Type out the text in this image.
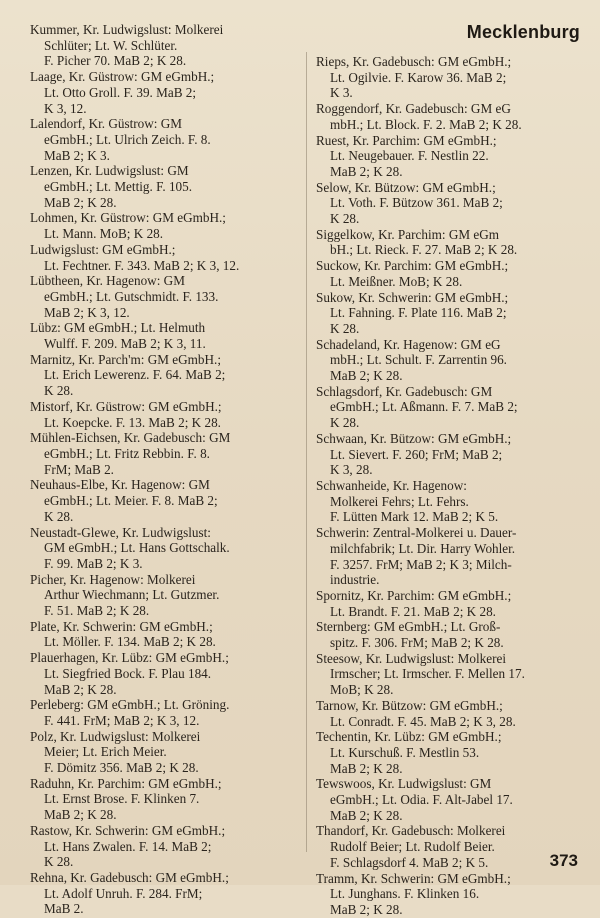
Mecklenburg
Kummer, Kr. Ludwigslust: Molkerei
Schlüter; Lt. W. Schlüter.
F. Picher 70. MaB 2; K 28.
Laage, Kr. Güstrow: GM eGmbH.;
Lt. Otto Groll. F. 39. MaB 2;
K 3, 12.
Lalendorf, Kr. Güstrow: GM
eGmbH.; Lt. Ulrich Zeich. F. 8.
MaB 2; K 3.
Lenzen, Kr. Ludwigslust: GM
eGmbH.; Lt. Mettig. F. 105.
MaB 2; K 28.
Lohmen, Kr. Güstrow: GM eGmbH.;
Lt. Mann. MoB; K 28.
Ludwigslust: GM eGmbH.;
Lt. Fechtner. F. 343. MaB 2; K 3, 12.
Lübtheen, Kr. Hagenow: GM
eGmbH.; Lt. Gutschmidt. F. 133.
MaB 2; K 3, 12.
Lübz: GM eGmbH.; Lt. Helmuth
Wulff. F. 209. MaB 2; K 3, 11.
Marnitz, Kr. Parch'm: GM eGmbH.;
Lt. Erich Lewerenz. F. 64. MaB 2;
K 28.
Mistorf, Kr. Güstrow: GM eGmbH.;
Lt. Koepcke. F. 13. MaB 2; K 28.
Mühlen-Eichsen, Kr. Gadebusch: GM
eGmbH.; Lt. Fritz Rebbin. F. 8.
FrM; MaB 2.
Neuhaus-Elbe, Kr. Hagenow: GM
eGmbH.; Lt. Meier. F. 8. MaB 2;
K 28.
Neustadt-Glewe, Kr. Ludwigslust:
GM eGmbH.; Lt. Hans Gottschalk.
F. 99. MaB 2; K 3.
Picher, Kr. Hagenow: Molkerei
Arthur Wiechmann; Lt. Gutzmer.
F. 51. MaB 2; K 28.
Plate, Kr. Schwerin: GM eGmbH.;
Lt. Möller. F. 134. MaB 2; K 28.
Plauerhagen, Kr. Lübz: GM eGmbH.;
Lt. Siegfried Bock. F. Plau 184.
MaB 2; K 28.
Perleberg: GM eGmbH.; Lt. Gröning.
F. 441. FrM; MaB 2; K 3, 12.
Polz, Kr. Ludwigslust: Molkerei
Meier; Lt. Erich Meier.
F. Dömitz 356. MaB 2; K 28.
Raduhn, Kr. Parchim: GM eGmbH.;
Lt. Ernst Brose. F. Klinken 7.
MaB 2; K 28.
Rastow, Kr. Schwerin: GM eGmbH.;
Lt. Hans Zwalen. F. 14. MaB 2;
K 28.
Rehna, Kr. Gadebusch: GM eGmbH.;
Lt. Adolf Unruh. F. 284. FrM;
MaB 2.
Rieps, Kr. Gadebusch: GM eGmbH.;
Lt. Ogilvie. F. Karow 36. MaB 2;
K 3.
Roggendorf, Kr. Gadebusch: GM eG
mbH.; Lt. Block. F. 2. MaB 2; K 28.
Ruest, Kr. Parchim: GM eGmbH.;
Lt. Neugebauer. F. Nestlin 22.
MaB 2; K 28.
Selow, Kr. Bützow: GM eGmbH.;
Lt. Voth. F. Bützow 361. MaB 2;
K 28.
Siggelkow, Kr. Parchim: GM eGm
bH.; Lt. Rieck. F. 27. MaB 2; K 28.
Suckow, Kr. Parchim: GM eGmbH.;
Lt. Meißner. MoB; K 28.
Sukow, Kr. Schwerin: GM eGmbH.;
Lt. Fahning. F. Plate 116. MaB 2;
K 28.
Schadeland, Kr. Hagenow: GM eG
mbH.; Lt. Schult. F. Zarrentin 96.
MaB 2; K 28.
Schlagsdorf, Kr. Gadebusch: GM
eGmbH.; Lt. Aßmann. F. 7. MaB 2;
K 28.
Schwaan, Kr. Bützow: GM eGmbH.;
Lt. Sievert. F. 260; FrM; MaB 2;
K 3, 28.
Schwanheide, Kr. Hagenow:
Molkerei Fehrs; Lt. Fehrs.
F. Lütten Mark 12. MaB 2; K 5.
Schwerin: Zentral-Molkerei u. Dauer-
milchfabrik; Lt. Dir. Harry Wohler.
F. 3257. FrM; MaB 2; K 3; Milch-
industrie.
Spornitz, Kr. Parchim: GM eGmbH.;
Lt. Brandt. F. 21. MaB 2; K 28.
Sternberg: GM eGmbH.; Lt. Groß-
spitz. F. 306. FrM; MaB 2; K 28.
Steesow, Kr. Ludwigslust: Molkerei
Irmscher; Lt. Irmscher. F. Mellen 17.
MoB; K 28.
Tarnow, Kr. Bützow: GM eGmbH.;
Lt. Conradt. F. 45. MaB 2; K 3, 28.
Techentin, Kr. Lübz: GM eGmbH.;
Lt. Kurschuß. F. Mestlin 53.
MaB 2; K 28.
Tewswoos, Kr. Ludwigslust: GM
eGmbH.; Lt. Odia. F. Alt-Jabel 17.
MaB 2; K 28.
Thandorf, Kr. Gadebusch: Molkerei
Rudolf Beier; Lt. Rudolf Beier.
F. Schlagsdorf 4. MaB 2; K 5.
Tramm, Kr. Schwerin: GM eGmbH.;
Lt. Junghans. F. Klinken 16.
MaB 2; K 28.
373
